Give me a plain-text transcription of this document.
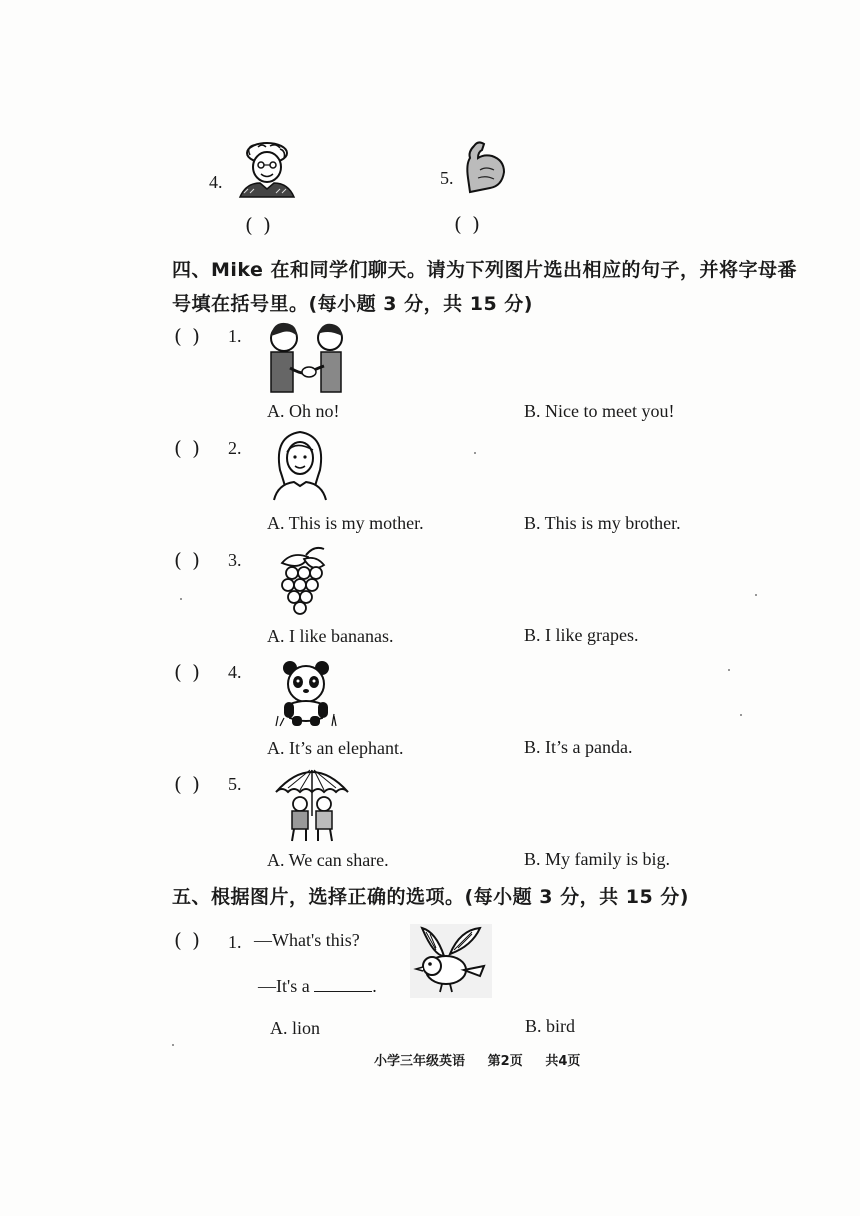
4.
( )
5.
( )
四、Mike 在和同学们聊天。请为下列图片选出相应的句子，并将字母番
号填在括号里。(每小题 3 分，共 15 分)
( ) 1.
A. Oh no!	B. Nice to meet you!
( ) 2.
A. This is my mother.	B. This is my brother.
( ) 3.
A. I like bananas.	B. I like grapes.
( ) 4.
A. It’s an elephant.	B. It’s a panda.
( ) 5.
A. We can share.	B. My family is big.
五、根据图片，选择正确的选项。(每小题 3 分，共 15 分)
( ) 1. —What's this?
—It's a	.
A. lion	B. bird
小学三年级英语 第2页 共4页
